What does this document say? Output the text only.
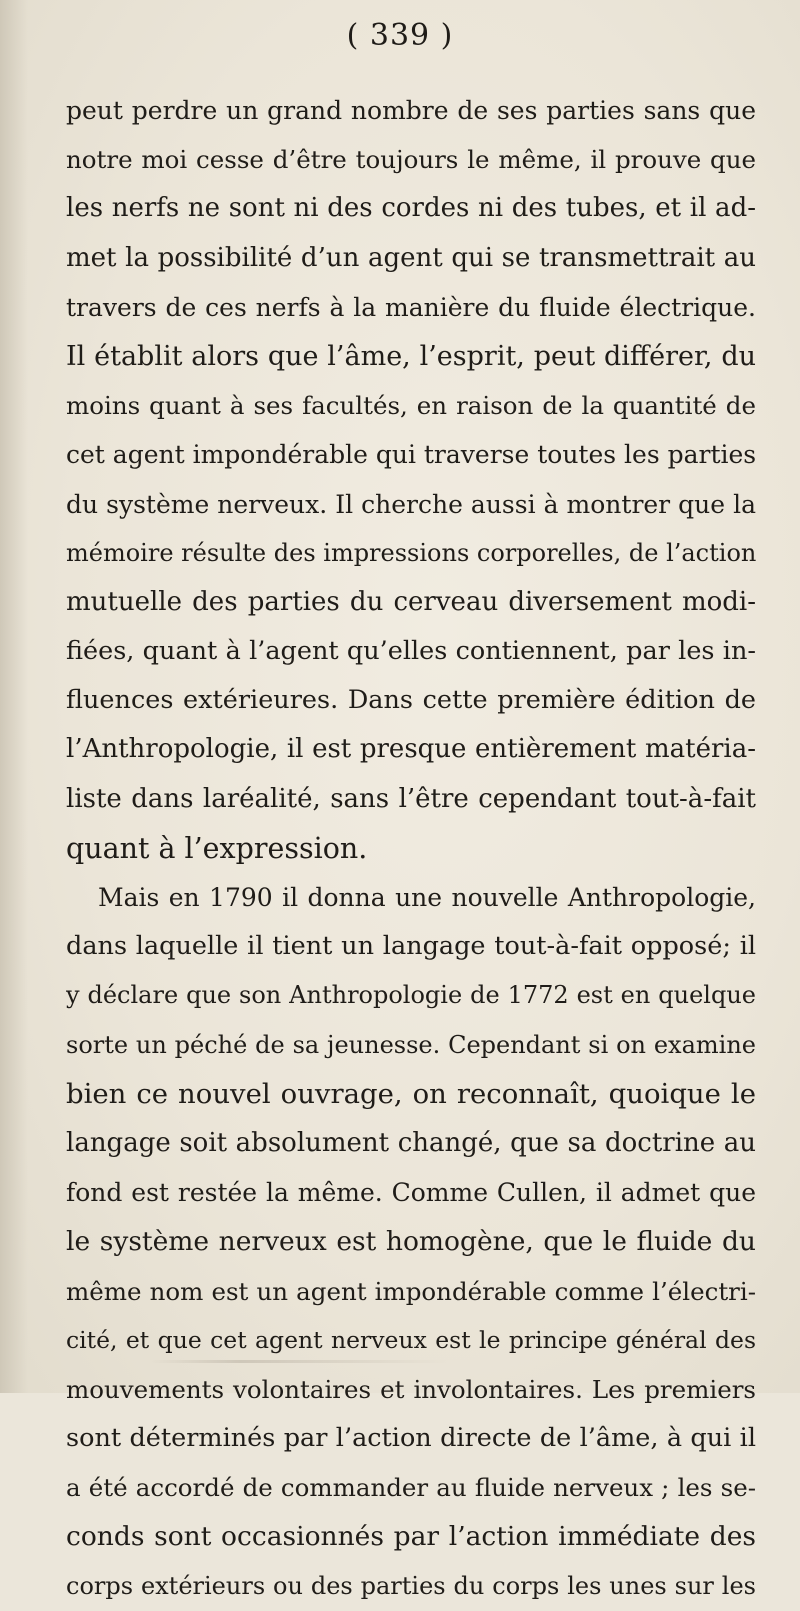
( 339 )
peut perdre un grand nombre de ses parties sans que
notre moi cesse d’être toujours le même, il prouve que
les nerfs ne sont ni des cordes ni des tubes, et il ad-
met la possibilité d’un agent qui se transmettrait au
travers de ces nerfs à la manière du fluide électrique.
Il établit alors que l’âme, l’esprit, peut différer, du
moins quant à ses facultés, en raison de la quantité de
cet agent impondérable qui traverse toutes les parties
du système nerveux. Il cherche aussi à montrer que la
mémoire résulte des impressions corporelles, de l’action
mutuelle des parties du cerveau diversement modi-
fiées, quant à l’agent qu’elles contiennent, par les in-
fluences extérieures. Dans cette première édition de
l’Anthropologie, il est presque entièrement matéria-
liste dans laréalité, sans l’être cependant tout-à-fait
quant à l’expression.
Mais en 1790 il donna une nouvelle Anthropologie,
dans laquelle il tient un langage tout-à-fait opposé; il
y déclare que son Anthropologie de 1772 est en quelque
sorte un péché de sa jeunesse. Cependant si on examine
bien ce nouvel ouvrage, on reconnaît, quoique le
langage soit absolument changé, que sa doctrine au
fond est restée la même. Comme Cullen, il admet que
le système nerveux est homogène, que le fluide du
même nom est un agent impondérable comme l’électri-
cité, et que cet agent nerveux est le principe général des
mouvements volontaires et involontaires. Les premiers
sont déterminés par l’action directe de l’âme, à qui il
a été accordé de commander au fluide nerveux ; les se-
conds sont occasionnés par l’action immédiate des
corps extérieurs ou des parties du corps les unes sur les
